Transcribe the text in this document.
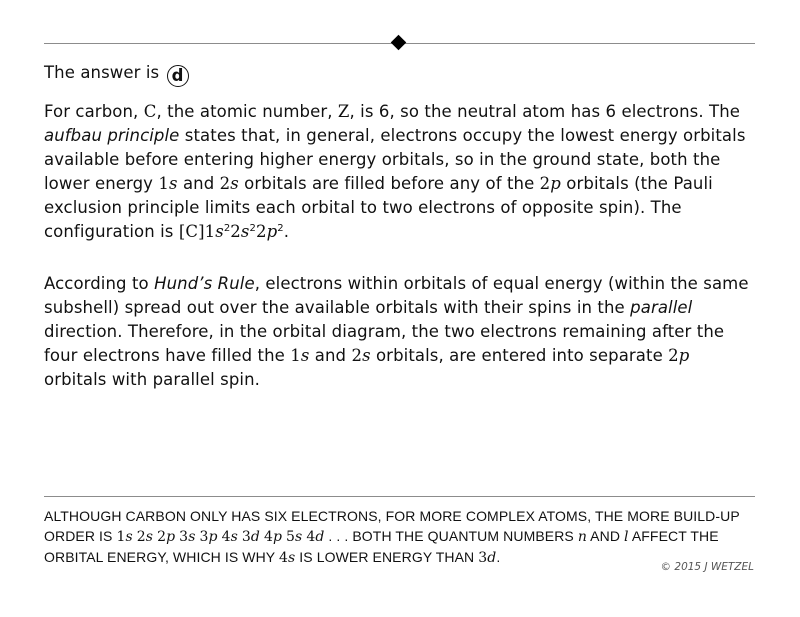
The answer is d
For carbon, C, the atomic number, Z, is 6, so the neutral atom has 6 electrons. The aufbau principle states that, in general, electrons occupy the lowest energy orbitals available before entering higher energy orbitals, so in the ground state, both the lower energy 1s and 2s orbitals are filled before any of the 2p orbitals (the Pauli exclusion principle limits each orbital to two electrons of opposite spin). The configuration is $[C]1s^22s^22p^2$.
According to Hund’s Rule, electrons within orbitals of equal energy (within the same subshell) spread out over the available orbitals with their spins in the parallel direction. Therefore, in the orbital diagram, the two electrons remaining after the four electrons have filled the 1s and 2s orbitals, are entered into separate 2p orbitals with parallel spin.
ALTHOUGH CARBON ONLY HAS SIX ELECTRONS, FOR MORE COMPLEX ATOMS, THE MORE BUILD-UP ORDER IS 1s 2s 2p 3s 3p 4s 3d 4p 5s 4d . . . BOTH THE QUANTUM NUMBERS n AND l AFFECT THE ORBITAL ENERGY, WHICH IS WHY 4s IS LOWER ENERGY THAN 3d.
© 2015 J WETZEL
